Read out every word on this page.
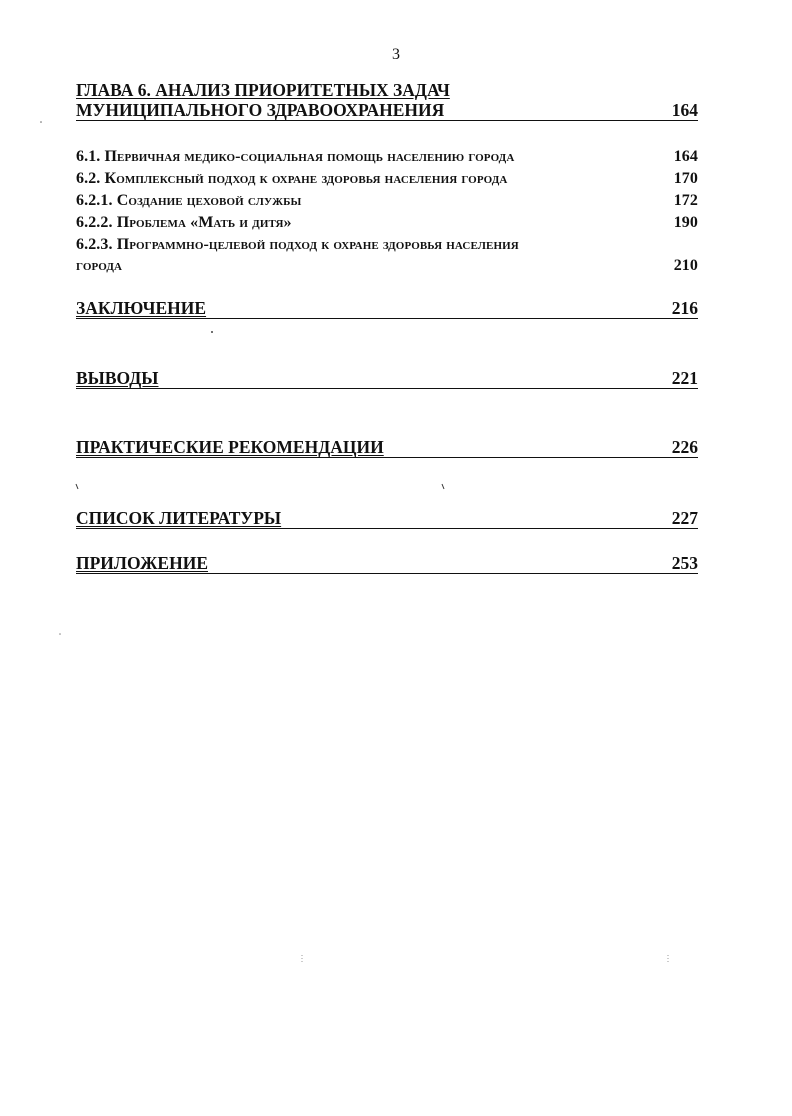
3
ГЛАВА 6. АНАЛИЗ ПРИОРИТЕТНЫХ ЗАДАЧ
МУНИЦИПАЛЬНОГО ЗДРАВООХРАНЕНИЯ	164
6.1. Первичная медико-социальная помощь населению города	164
6.2. Комплексный подход к охране здоровья населения города	170
6.2.1. Создание цеховой службы	172
6.2.2. Проблема «Мать и дитя»	190
6.2.3. Программно-целевой подход к охране здоровья населения
города	210
ЗАКЛЮЧЕНИЕ	216
ВЫВОДЫ	221
ПРАКТИЧЕСКИЕ РЕКОМЕНДАЦИИ	226
СПИСОК ЛИТЕРАТУРЫ	227
ПРИЛОЖЕНИЕ	253
